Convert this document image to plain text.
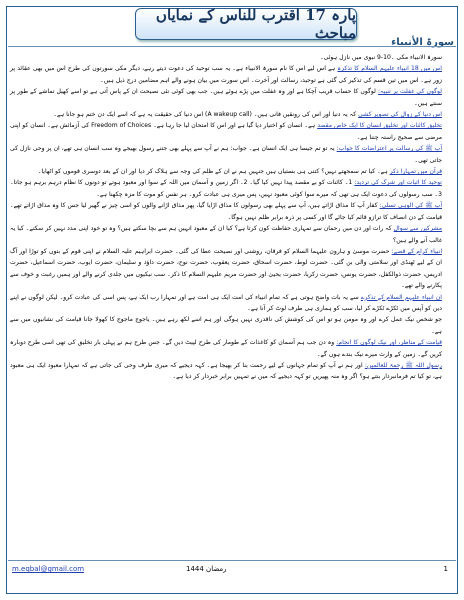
پارہ 17 اقترب للناس کے نمایاں مباحث
سورۃ الأنبیاء

سورۃ الانبیاء مکی ۔10-9 نبوی میں نازل ہوئی۔

اس میں 18 انبیاء علیہم السلام کا تذکرہ ہے اس لیے اس کا نام سورۃ الانبیاء ہے۔ یہ سب توحید کی دعوت دیتے رہے، دیگر مکی سورتوں کی طرح اس میں بھی عقائد پر زور ہے۔ اس میں تین قسم کی تذکیر کی گئی ہے توحید، رسالت اور آخرت۔ اس سورت میں بیان ہونے والے اہم مضامین درج ذیل ہیں۔

لوگوں کی غفلت پر تنبیہ: لوگوں کا حساب قریب آچکا ہے اور وہ غفلت میں پڑے ہوئے ہیں۔ جب بھی کوئی نئی نصیحت ان کے پاس آتی ہے تو اسے کھیل تماشے کے طور پر سنتے ہیں۔

اس دنیا کے زوال کی تصویر کشی کہ یہ دنیا اور اس کی رونقیں فانی ہیں۔ (A wakeup call) اس دنیا کی حقیقت یہ ہے کہ اسے ایک دن ختم ہو جانا ہے۔

تخلیق کائنات اور تخلیق انسان کا ایک خاص مقصد ہے۔ انسان کو اختیار دیا گیا ہے اور اس کا امتحان لیا جا رہا ہے۔ Freedom of Choices کی آزمائش ہے۔ انسان کو اپنی مرضی سے صحیح راستہ چننا ہے۔

آپ ﷺ کی رسالت پر اعتراضات کا جواب: یہ تو تم جیسا ہی ایک انسان ہے۔ جواب: ہم نے آپ سے پہلے بھی جتنے رسول بھیجے وہ سب انسان ہی تھے، ان پر وحی نازل کی جاتی تھی۔

قرآن میں تمہارا ذکر ہے۔ کیا تم سمجھتے نہیں؟ کتنی ہی بستیاں ہیں جنہیں ہم نے ان کے ظلم کی وجہ سے ہلاک کر دیا اور ان کے بعد دوسری قوموں کو اٹھایا۔

توحید کا اثبات اور شرک کی تردید: 1۔ کائنات کو بے مقصد پیدا نہیں کیا گیا۔ 2۔ اگر زمین و آسمان میں اللہ کے سوا اور معبود ہوتے تو دونوں کا نظام درہم برہم ہو جاتا۔ 3۔ سب رسولوں کی دعوت ایک ہی تھی کہ میرے سوا کوئی معبود نہیں، پس میری ہی عبادت کرو۔ ہر نفس کو موت کا مزہ چکھنا ہے۔

آپ ﷺ کی الوہی تسلی: کفار آپ کا مذاق اڑاتے ہیں، آپ سے پہلے بھی رسولوں کا مذاق اڑایا گیا، پھر مذاق اڑانے والوں کو اسی چیز نے گھیر لیا جس کا وہ مذاق اڑاتے تھے۔ قیامت کے دن انصاف کا ترازو قائم کیا جائے گا اور کسی پر ذرہ برابر ظلم نہیں ہوگا۔

مشرکین سے سوال کہ رات اور دن میں رحمان سے تمہاری حفاظت کون کرتا ہے؟ کیا ان کے معبود انہیں ہم سے بچا سکتے ہیں؟ وہ تو خود اپنی مدد نہیں کر سکتے۔ کیا یہ غالب آنے والے ہیں؟

انبیاء کرام کے قصے: حضرت موسیٰ و ہارون علیہما السلام کو فرقان، روشنی اور نصیحت عطا کی گئی۔ حضرت ابراہیم علیہ السلام نے اپنی قوم کے بتوں کو توڑا اور آگ ان کے لیے ٹھنڈی اور سلامتی والی بن گئی۔ حضرت لوط، حضرت اسحاق، حضرت یعقوب، حضرت نوح، حضرت داؤد و سلیمان، حضرت ایوب، حضرت اسماعیل، حضرت ادریس، حضرت ذوالکفل، حضرت یونس، حضرت زکریا، حضرت یحییٰ اور حضرت مریم علیہم السلام کا ذکر۔ سب نیکیوں میں جلدی کرنے والے اور ہمیں رغبت و خوف سے پکارنے والے تھے۔

ان انبیاء علیہم السلام کے تذکرے سے یہ بات واضح ہوتی ہے کہ تمام انبیاء کی امت ایک ہی امت ہے اور تمہارا رب ایک ہے، پس اسی کی عبادت کرو۔ لیکن لوگوں نے اپنے دین کو آپس میں ٹکڑے ٹکڑے کر لیا، سب کو ہماری ہی طرف لوٹ کر آنا ہے۔

جو شخص نیک عمل کرے اور وہ مومن ہو تو اس کی کوشش کی ناقدری نہیں ہوگی اور ہم اسے لکھ رہے ہیں۔ یاجوج ماجوج کا کھولا جانا قیامت کی نشانیوں میں سے ہے۔

قیامت کے مناظر، اور نیک لوگوں کا انجام: وہ دن جب ہم آسمان کو کاغذات کے طومار کی طرح لپیٹ دیں گے۔ جس طرح ہم نے پہلی بار تخلیق کی تھی اسی طرح دوبارہ کریں گے۔ زمین کے وارث میرے نیک بندے ہوں گے۔

رسول اللہ ﷺ رحمۃ للعالمین: اور ہم نے آپ کو تمام جہانوں کے لیے رحمت بنا کر بھیجا ہے۔ کہہ دیجیے کہ میری طرف وحی کی جاتی ہے کہ تمہارا معبود ایک ہی معبود ہے، تو کیا تم فرمانبردار بنتے ہو؟ اگر وہ منہ پھیریں تو کہہ دیجیے کہ میں نے تمہیں برابر خبردار کر دیا ہے۔

m.eqbal@gmail.com	رمضان 1444	1
